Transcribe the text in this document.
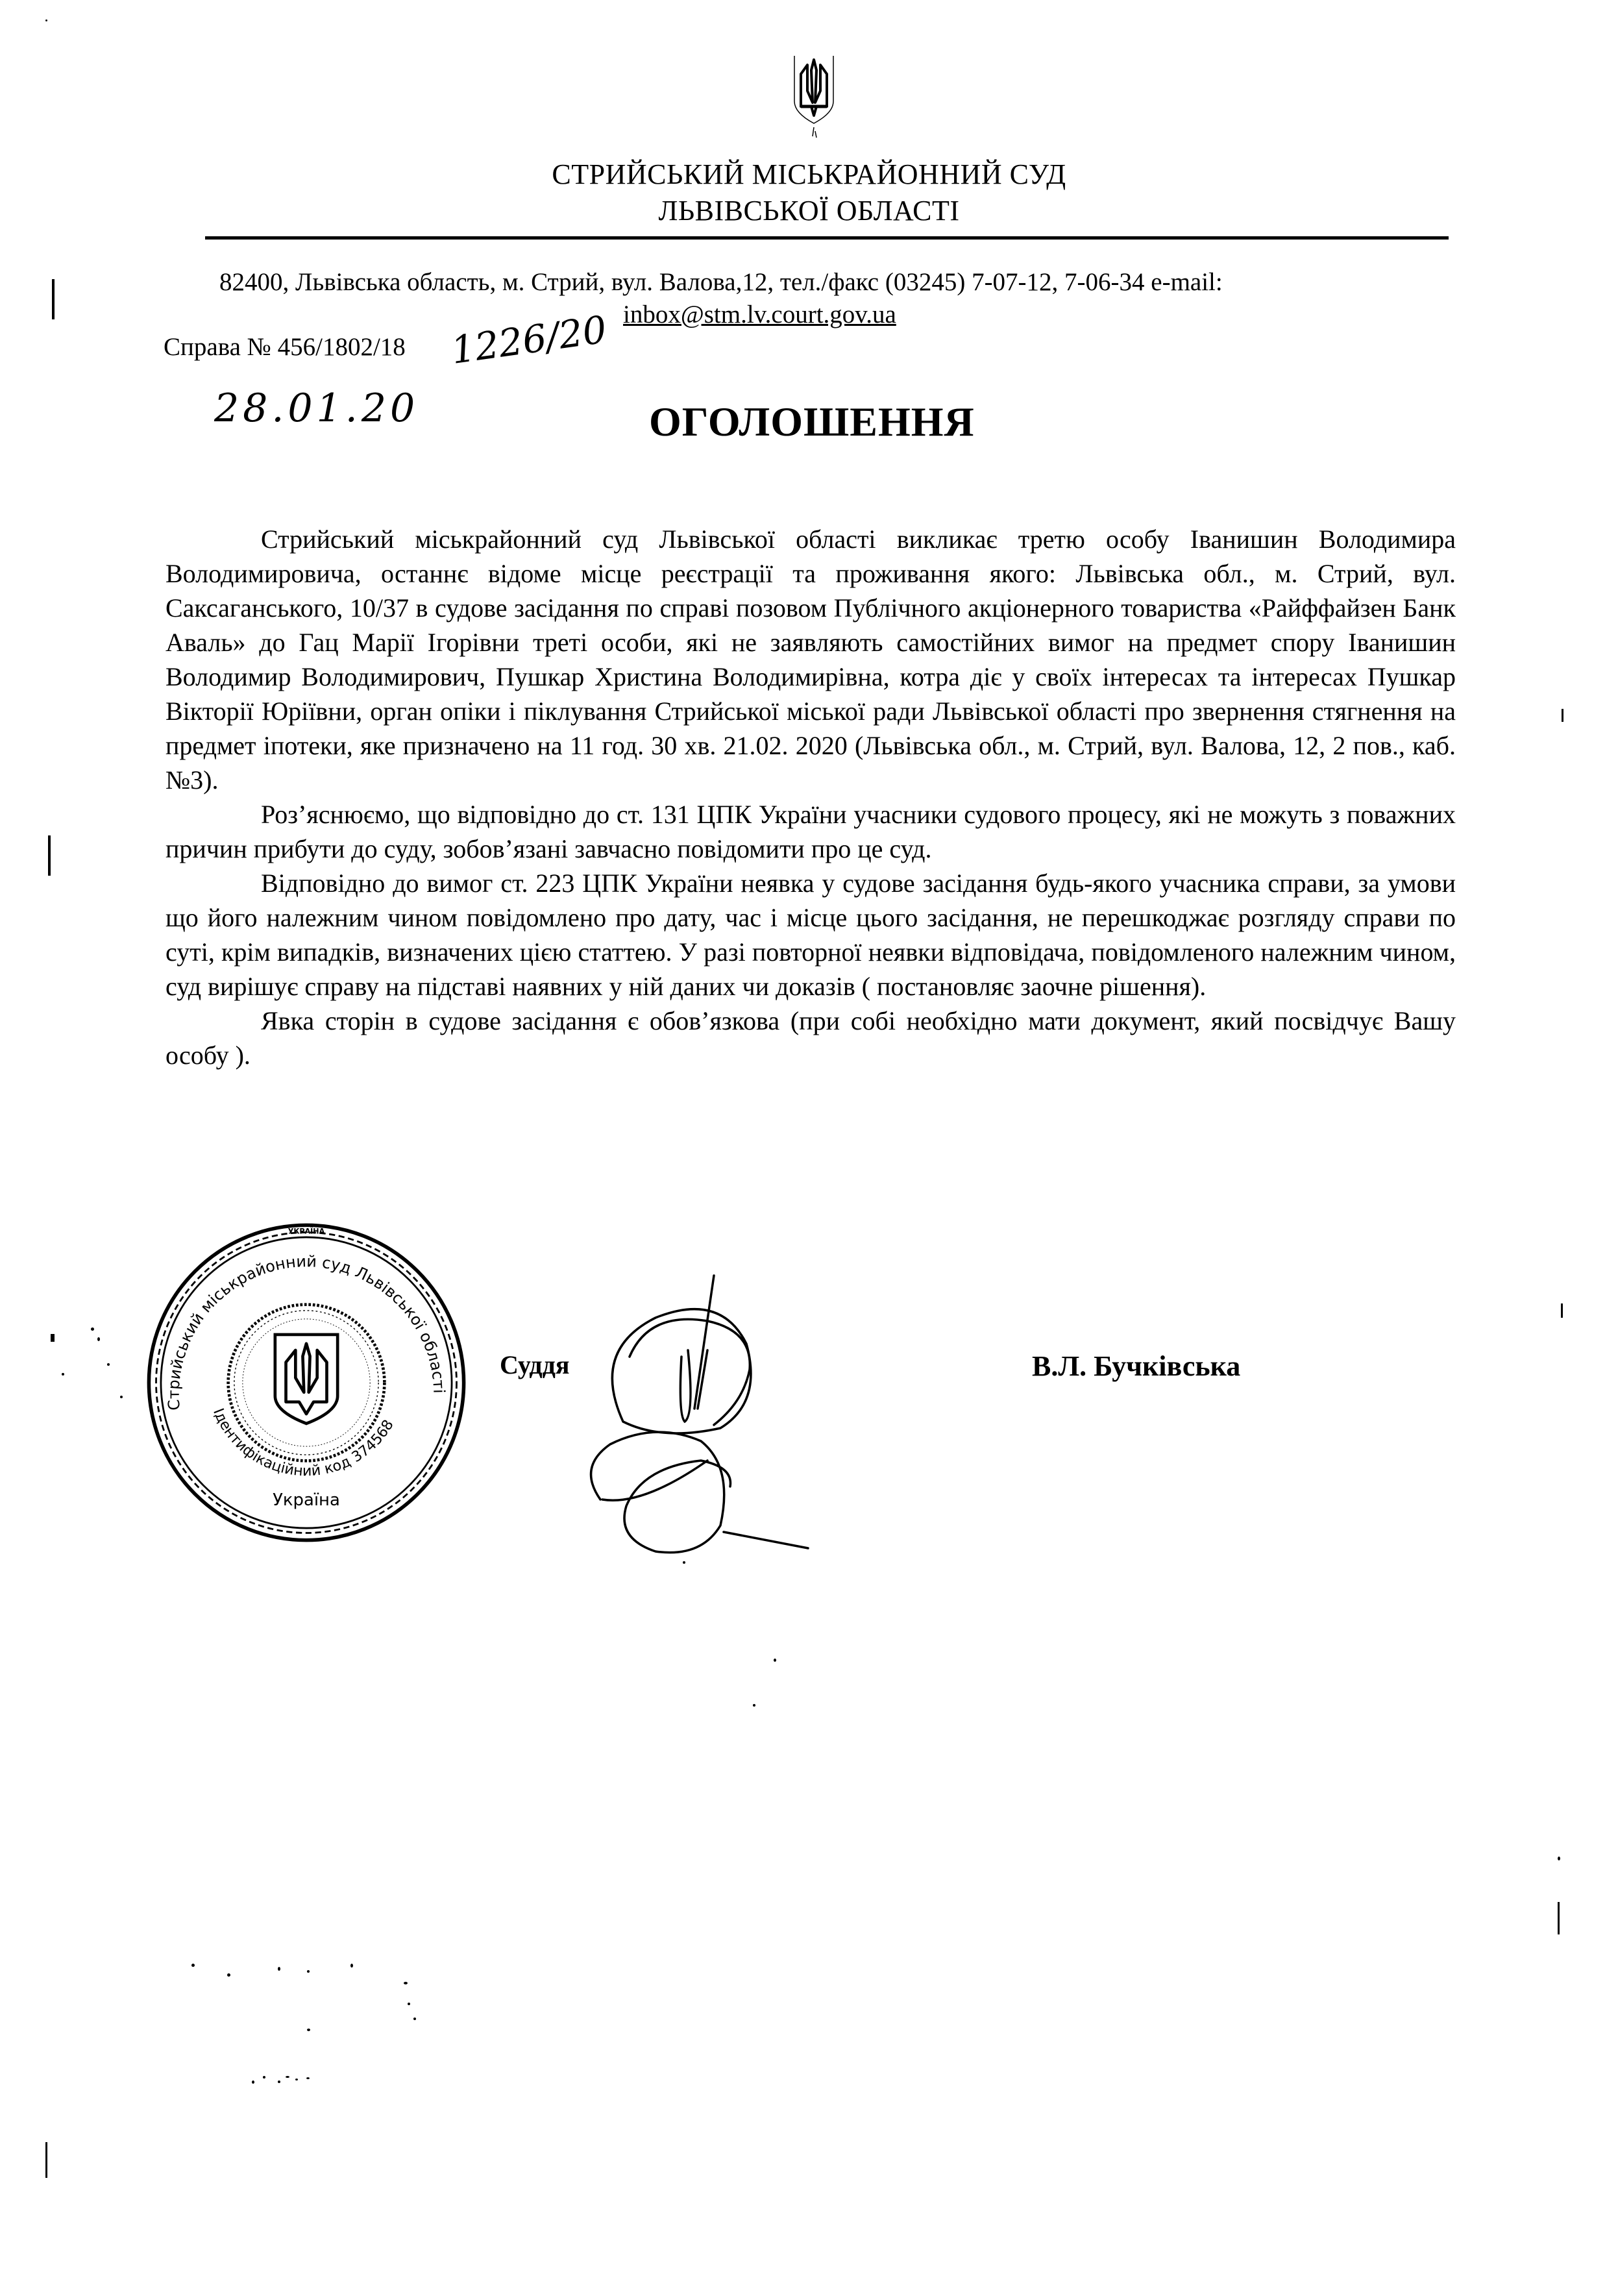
СТРИЙСЬКИЙ МІСЬКРАЙОННИЙ СУД
ЛЬВІВСЬКОЇ ОБЛАСТІ
82400, Львівська область, м. Стрий, вул. Валова,12, тел./факс (03245) 7-07-12, 7-06-34 e-mail:
inbox@stm.lv.court.gov.ua
Справа № 456/1802/18 1226/20
28.01.20	ОГОЛОШЕННЯ

Стрийський міськрайонний суд Львівської області викликає третю особу Іванишин Володимира Володимировича, останнє відоме місце реєстрації та проживання якого: Львівська обл., м. Стрий, вул. Саксаганського, 10/37 в судове засідання по справі позовом Публічного акціонерного товариства «Райффайзен Банк Аваль» до Гац Марії Ігорівни треті особи, які не заявляють самостійних вимог на предмет спору Іванишин Володимир Володимирович, Пушкар Христина Володимирівна, котра діє у своїх інтересах та інтересах Пушкар Вікторії Юріївни, орган опіки і піклування Стрийської міської ради Львівської області про звернення стягнення на предмет іпотеки, яке призначено на 11 год. 30 хв. 21.02. 2020 (Львівська обл., м. Стрий, вул. Валова, 12, 2 пов., каб. №3).

Роз’яснюємо, що відповідно до ст. 131 ЦПК України учасники судового процесу, які не можуть з поважних причин прибути до суду, зобов’язані завчасно повідомити про це суд.

Відповідно до вимог ст. 223 ЦПК України неявка у судове засідання будь-якого учасника справи, за умови що його належним чином повідомлено про дату, час і місце цього засідання, не перешкоджає розгляду справи по суті, крім випадків, визначених цією статтею. У разі повторної неявки відповідача, повідомленого належним чином, суд вирішує справу на підставі наявних у ній даних чи доказів ( постановляє заочне рішення).

Явка сторін в судове засідання є обов’язкова (при собі необхідно мати документ, який посвідчує Вашу особу ).

Стрийський міськрайонний суд Львівської області
Ідентифікаційний код 374568
Україна
УКРАЇНА
Суддя	В.Л. Бучківська
